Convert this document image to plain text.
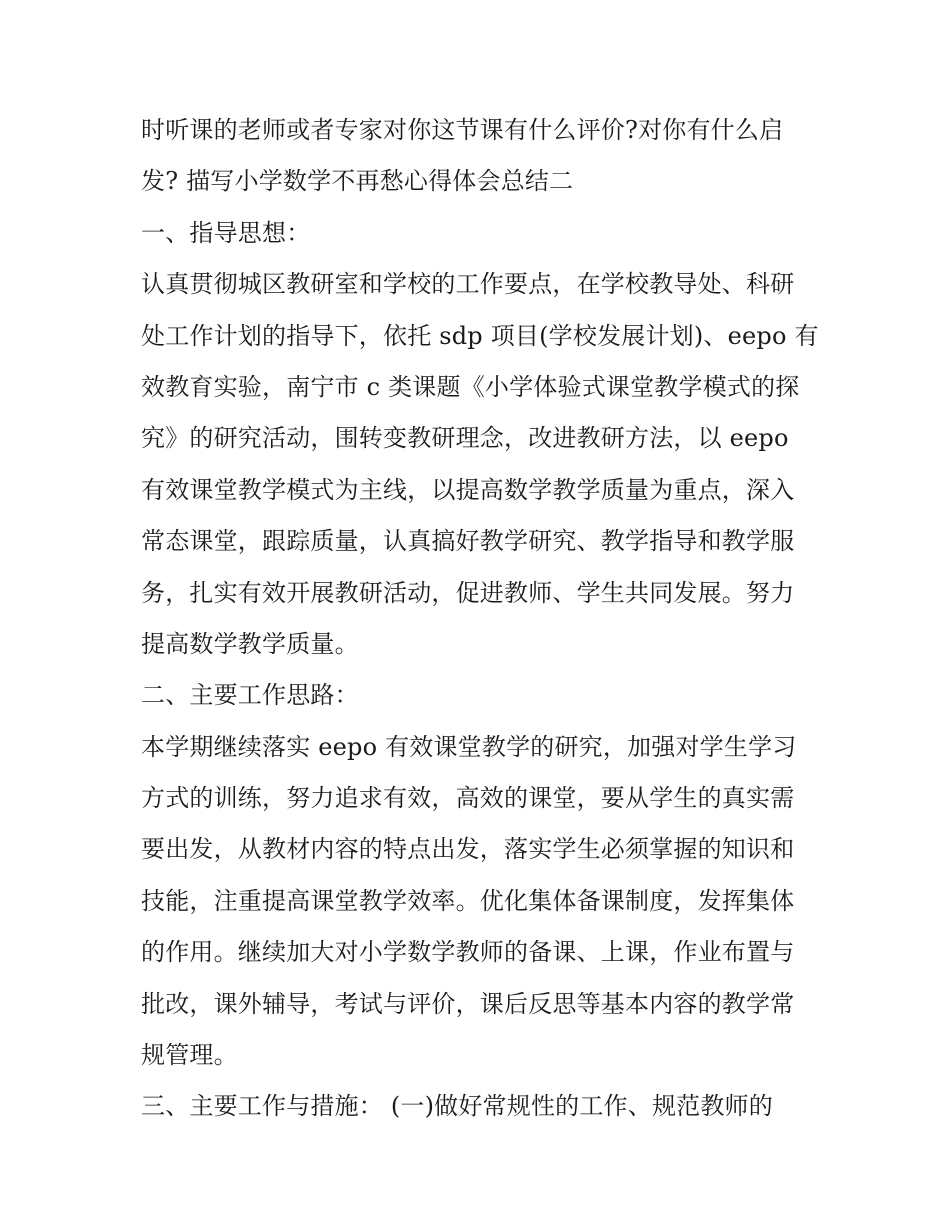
时听课的老师或者专家对你这节课有什么评价?对你有什么启
发? 描写小学数学不再愁心得体会总结二
一、指导思想：
认真贯彻城区教研室和学校的工作要点，在学校教导处、科研
处工作计划的指导下，依托 sdp 项目(学校发展计划)、eepo 有
效教育实验，南宁市 c 类课题《小学体验式课堂教学模式的探
究》的研究活动，围转变教研理念，改进教研方法，以 eepo
有效课堂教学模式为主线，以提高数学教学质量为重点，深入
常态课堂，跟踪质量，认真搞好教学研究、教学指导和教学服
务，扎实有效开展教研活动，促进教师、学生共同发展。努力
提高数学教学质量。
二、主要工作思路：
本学期继续落实 eepo 有效课堂教学的研究，加强对学生学习
方式的训练，努力追求有效，高效的课堂，要从学生的真实需
要出发，从教材内容的特点出发，落实学生必须掌握的知识和
技能，注重提高课堂教学效率。优化集体备课制度，发挥集体
的作用。继续加大对小学数学教师的备课、上课，作业布置与
批改，课外辅导，考试与评价，课后反思等基本内容的教学常
规管理。
三、主要工作与措施： (一)做好常规性的工作、规范教师的
